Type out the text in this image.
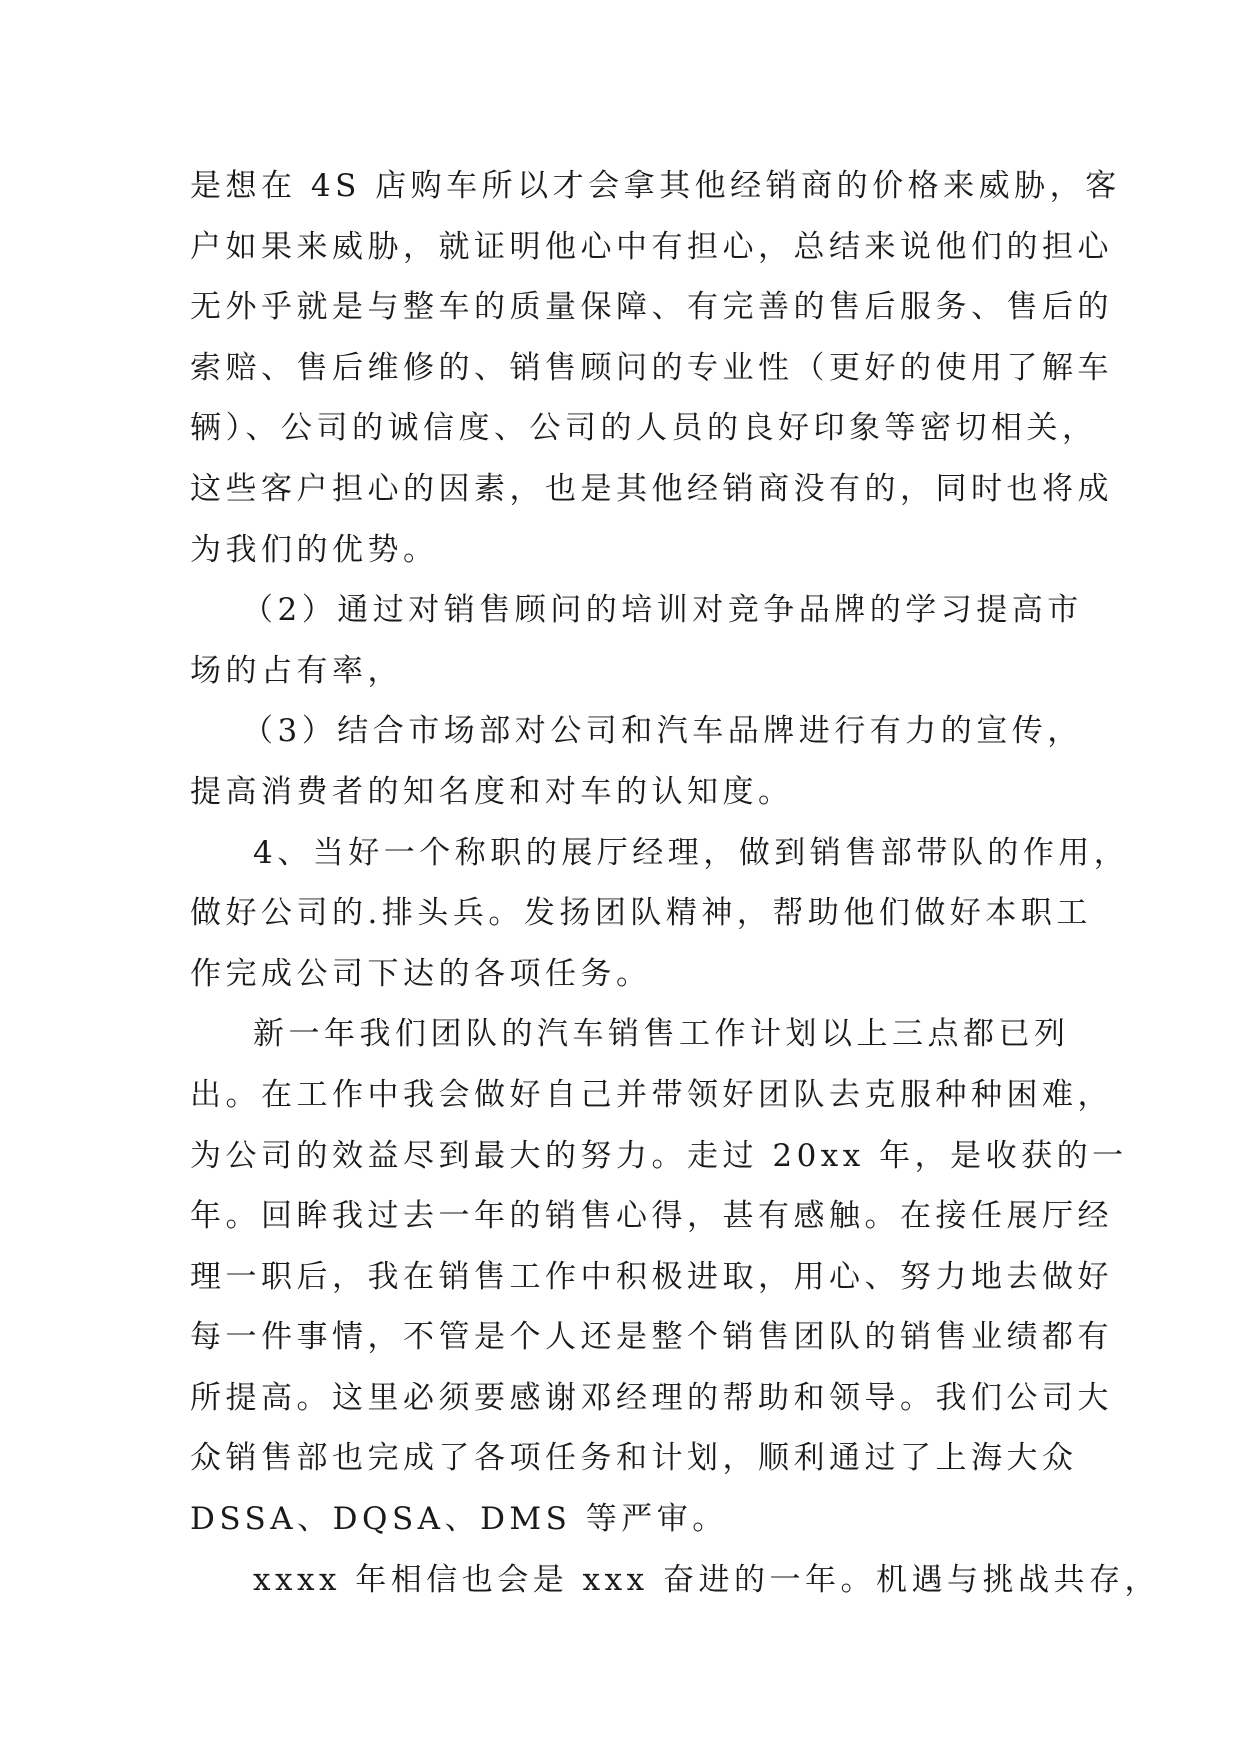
是想在 4S 店购车所以才会拿其他经销商的价格来威胁，客
户如果来威胁，就证明他心中有担心，总结来说他们的担心
无外乎就是与整车的质量保障、有完善的售后服务、售后的
索赔、售后维修的、销售顾问的专业性（更好的使用了解车
辆）、公司的诚信度、公司的人员的良好印象等密切相关，
这些客户担心的因素，也是其他经销商没有的，同时也将成
为我们的优势。
（2）通过对销售顾问的培训对竞争品牌的学习提高市
场的占有率，
（3）结合市场部对公司和汽车品牌进行有力的宣传，
提高消费者的知名度和对车的认知度。
4、当好一个称职的展厅经理，做到销售部带队的作用，
做好公司的.排头兵。发扬团队精神，帮助他们做好本职工
作完成公司下达的各项任务。
新一年我们团队的汽车销售工作计划以上三点都已列
出。在工作中我会做好自己并带领好团队去克服种种困难，
为公司的效益尽到最大的努力。走过 20xx 年，是收获的一
年。回眸我过去一年的销售心得，甚有感触。在接任展厅经
理一职后，我在销售工作中积极进取，用心、努力地去做好
每一件事情，不管是个人还是整个销售团队的销售业绩都有
所提高。这里必须要感谢邓经理的帮助和领导。我们公司大
众销售部也完成了各项任务和计划，顺利通过了上海大众
DSSA、DQSA、DMS 等严审。
xxxx 年相信也会是 xxx 奋进的一年。机遇与挑战共存，
